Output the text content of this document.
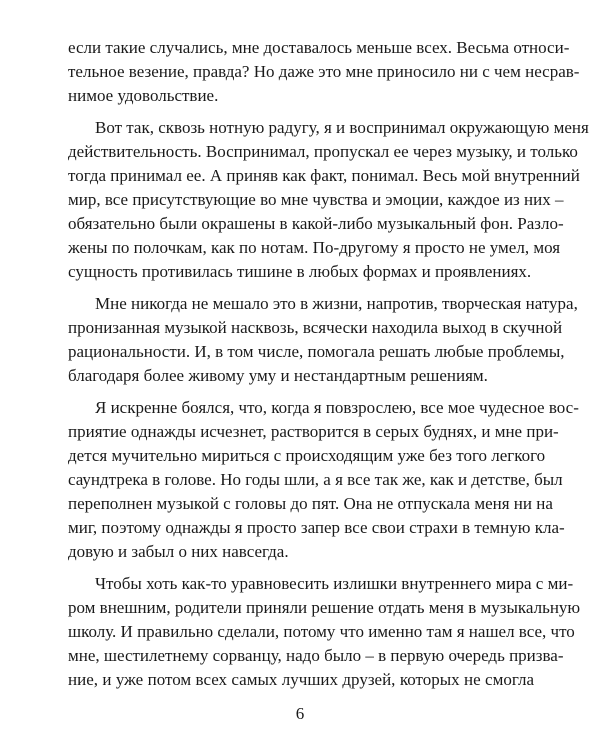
если такие случались, мне доставалось меньше всех. Весьма относи-
тельное везение, правда? Но даже это мне приносило ни с чем несрав-
нимое удовольствие.
Вот так, сквозь нотную радугу, я и воспринимал окружающую меня
действительность. Воспринимал, пропускал ее через музыку, и только
тогда принимал ее. А приняв как факт, понимал. Весь мой внутренний
мир, все присутствующие во мне чувства и эмоции, каждое из них –
обязательно были окрашены в какой-либо музыкальный фон. Разло-
жены по полочкам, как по нотам. По-другому я просто не умел, моя
сущность противилась тишине в любых формах и проявлениях.
Мне никогда не мешало это в жизни, напротив, творческая натура,
пронизанная музыкой насквозь, всячески находила выход в скучной
рациональности. И, в том числе, помогала решать любые проблемы,
благодаря более живому уму и нестандартным решениям.
Я искренне боялся, что, когда я повзрослею, все мое чудесное вос-
приятие однажды исчезнет, растворится в серых буднях, и мне при-
дется мучительно мириться с происходящим уже без того легкого
саундтрека в голове. Но годы шли, а я все так же, как и детстве, был
переполнен музыкой с головы до пят. Она не отпускала меня ни на
миг, поэтому однажды я просто запер все свои страхи в темную кла-
довую и забыл о них навсегда.
Чтобы хоть как-то уравновесить излишки внутреннего мира с ми-
ром внешним, родители приняли решение отдать меня в музыкальную
школу. И правильно сделали, потому что именно там я нашел все, что
мне, шестилетнему сорванцу, надо было – в первую очередь призва-
ние, и уже потом всех самых лучших друзей, которых не смогла
6
